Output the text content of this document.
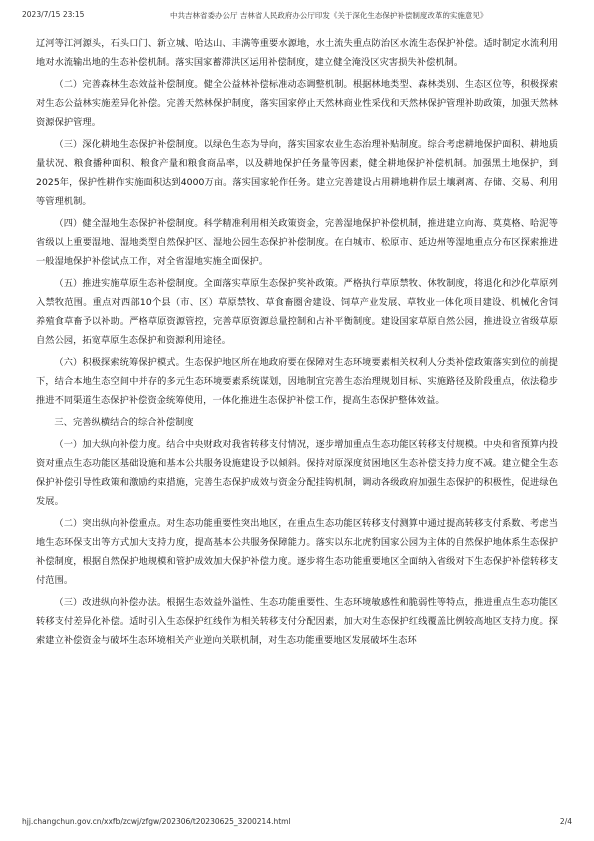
2023/7/15 23:15	中共吉林省委办公厅 吉林省人民政府办公厅印发《关于深化生态保护补偿制度改革的实施意见》

辽河等江河源头，石头口门、新立城、哈达山、丰满等重要水源地，水土流失重点防治区水流生态保护补偿。适时制定水流利用地对水流输出地的生态补偿机制。落实国家蓄滞洪区运用补偿制度，建立健全淹没区灾害损失补偿机制。

（二）完善森林生态效益补偿制度。健全公益林补偿标准动态调整机制。根据林地类型、森林类别、生态区位等，积极探索对生态公益林实施差异化补偿。完善天然林保护制度，落实国家停止天然林商业性采伐和天然林保护管理补助政策，加强天然林资源保护管理。

（三）深化耕地生态保护补偿制度。以绿色生态为导向，落实国家农业生态治理补贴制度。综合考虑耕地保护面积、耕地质量状况、粮食播种面积、粮食产量和粮食商品率，以及耕地保护任务量等因素，健全耕地保护补偿机制。加强黑土地保护，到2025年，保护性耕作实施面积达到4000万亩。落实国家轮作任务。建立完善建设占用耕地耕作层土壤剥离、存储、交易、利用等管理机制。

（四）健全湿地生态保护补偿制度。科学精准利用相关政策资金，完善湿地保护补偿机制，推进建立向海、莫莫格、哈泥等省级以上重要湿地、湿地类型自然保护区、湿地公园生态保护补偿制度。在白城市、松原市、延边州等湿地重点分布区探索推进一般湿地保护补偿试点工作，对全省湿地实施全面保护。

（五）推进实施草原生态补偿制度。全面落实草原生态保护奖补政策。严格执行草原禁牧、休牧制度，将退化和沙化草原列入禁牧范围。重点对西部10个县（市、区）草原禁牧、草食畜圈舍建设、饲草产业发展、草牧业一体化项目建设、机械化舍饲养殖食草畜予以补助。严格草原资源管控，完善草原资源总量控制和占补平衡制度。建设国家草原自然公园，推进设立省级草原自然公园，拓宽草原生态保护和资源利用途径。

（六）积极探索统筹保护模式。生态保护地区所在地政府要在保障对生态环境要素相关权利人分类补偿政策落实到位的前提下，结合本地生态空间中并存的多元生态环境要素系统谋划，因地制宜完善生态治理规划目标、实施路径及阶段重点，依法稳步推进不同渠道生态保护补偿资金统筹使用，一体化推进生态保护补偿工作，提高生态保护整体效益。

三、完善纵横结合的综合补偿制度

（一）加大纵向补偿力度。结合中央财政对我省转移支付情况，逐步增加重点生态功能区转移支付规模。中央和省预算内投资对重点生态功能区基础设施和基本公共服务设施建设予以倾斜。保持对原深度贫困地区生态补偿支持力度不减。建立健全生态保护补偿引导性政策和激励约束措施，完善生态保护成效与资金分配挂钩机制，调动各级政府加强生态保护的积极性，促进绿色发展。

（二）突出纵向补偿重点。对生态功能重要性突出地区，在重点生态功能区转移支付测算中通过提高转移支付系数、考虑当地生态环保支出等方式加大支持力度，提高基本公共服务保障能力。落实以东北虎豹国家公园为主体的自然保护地体系生态保护补偿制度，根据自然保护地规模和管护成效加大保护补偿力度。逐步将生态功能重要地区全面纳入省级对下生态保护补偿转移支付范围。

（三）改进纵向补偿办法。根据生态效益外溢性、生态功能重要性、生态环境敏感性和脆弱性等特点，推进重点生态功能区转移支付差异化补偿。适时引入生态保护红线作为相关转移支付分配因素，加大对生态保护红线覆盖比例较高地区支持力度。探索建立补偿资金与破坏生态环境相关产业逆向关联机制，对生态功能重要地区发展破坏生态环

hjj.changchun.gov.cn/xxfb/zcwj/zfgw/202306/t20230625_3200214.html	2/4
